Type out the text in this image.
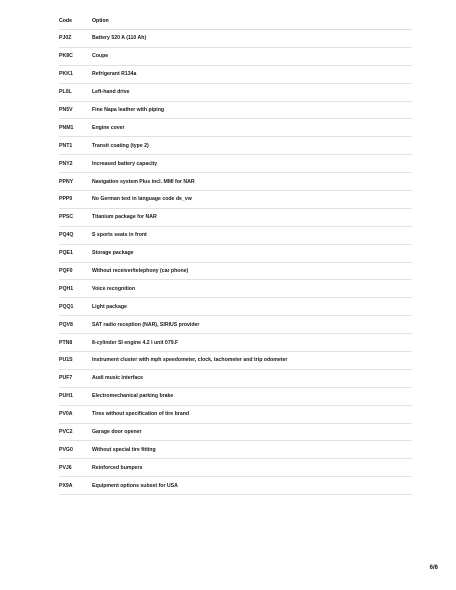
Code	Option
PJ0Z	Battery 520 A (110 Ah)
PK8C	Coupe
PKK1	Refrigerant R134a
PL0L	Left-hand drive
PN5V	Fine Napa leather with piping
PNM1	Engine cover
PNT1	Transit coating (type 2)
PNY2	Increased battery capacity
PPNY	Navigation system Plus incl. MMI for NAR
PPP0	No German text in language code de_vw
PPSC	Titanium package for NAR
PQ4Q	S sports seats in front
PQE1	Storage package
PQF0	Without receiver/telephony (car phone)
PQH1	Voice recognition
PQQ1	Light package
PQV8	SAT radio reception (NAR), SIRIUS provider
PTN8	8-cylinder SI engine 4.2 l unit 079.F
PU1S	Instrument cluster with mph speedometer, clock, tachometer and trip odometer
PUF7	Audi music interface
PUH1	Electromechanical parking brake
PV0A	Tires without specification of tire brand
PVC2	Garage door opener
PVG0	Without special tire fitting
PVJ6	Reinforced bumpers
PX9A	Equipment options subset for USA
6/6
